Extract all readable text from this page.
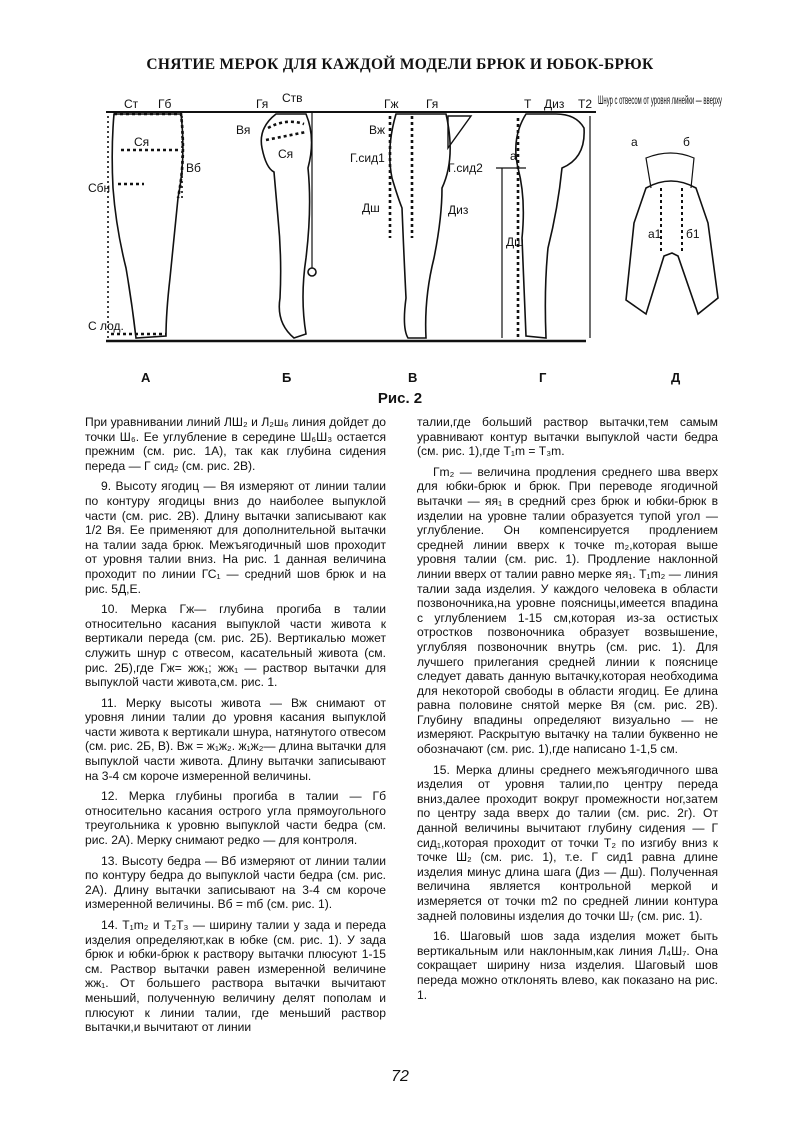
СНЯТИЕ МЕРОК ДЛЯ КАЖДОЙ МОДЕЛИ БРЮК И ЮБОК-БРЮК
Ст Гб
Ся
Вб
Сбн
С лод.
Гя Ств
Вя
Ся
Гж Гя
Вж
Г.сид1
Г.сид2
Дш	Диз
Т Диз Т2
а
Дш
а	б
а1 б1
Шнур с отвесом от уровня линейки — вверху
А	Б	В	Г	Д
Рис. 2

При уравнивании линий ЛШ₂ и Л₂ш₆ линия дойдет до точки Ш₆. Ее углубление в середине Ш₆Ш₃ остается прежним (см. рис. 1А), так как глубина сидения переда — Г сид₂ (см. рис. 2В).

9. Высоту ягодиц — Вя измеряют от линии талии по контуру ягодицы вниз до наиболее выпуклой части (см. рис. 2В). Длину вытачки записывают как 1/2 Вя. Ее применяют для дополнительной вытачки на талии зада брюк. Межъягодичный шов проходит от уровня талии вниз. На рис. 1 данная величина проходит по линии ГС₁ — средний шов брюк и на рис. 5Д,Е.

10. Мерка Гж— глубина прогиба в талии относительно касания выпуклой части живота к вертикали переда (см. рис. 2Б). Вертикалью может служить шнур с отвесом, касательный живота (см. рис. 2Б),где Гж= жж₁; жж₁ — раствор вытачки для выпуклой части живота,см. рис. 1.

11. Мерку высоты живота — Вж снимают от уровня линии талии до уровня касания выпуклой части живота к вертикали шнура, натянутого отвесом (см. рис. 2Б, В). Вж = ж₁ж₂. ж₁ж₂— длина вытачки для выпуклой части живота. Длину вытачки записывают на 3-4 см короче измеренной величины.

12. Мерка глубины прогиба в талии — Гб относительно касания острого угла прямоугольного треугольника к уровню выпуклой части бедра (см. рис. 2А). Мерку снимают редко — для контроля.

13. Высоту бедра — Вб измеряют от линии талии по контуру бедра до выпуклой части бедра (см. рис. 2А). Длину вытачки записывают на 3-4 см короче измеренной величины. Вб = mб (см. рис. 1).

14. Т₁m₂ и Т₂Т₃ — ширину талии у зада и переда изделия определяют,как в юбке (см. рис. 1). У зада брюк и юбки-брюк к раствору вытачки плюсуют 1-15 см. Раствор вытачки равен измеренной величине жж₁. От большего раствора вытачки вычитают меньший, полученную величину делят пополам и плюсуют к линии талии, где меньший раствор вытачки,и вычитают от линии

талии,где больший раствор вытачки,тем самым уравнивают контур вытачки выпуклой части бедра (см. рис. 1),где Т₁m = Т₃m.

Гm₂ — величина продления среднего шва вверх для юбки-брюк и брюк. При переводе ягодичной вытачки — яя₁ в средний срез брюк и юбки-брюк в изделии на уровне талии образуется тупой угол — углубление. Он компенсируется продлением средней линии вверх к точке m₂,которая выше уровня талии (см. рис. 1). Продление наклонной линии вверх от талии равно мерке яя₁. Т₁m₂ — линия талии зада изделия. У каждого человека в области позвоночника,на уровне поясницы,имеется впадина с углублением 1-15 см,которая из-за остистых отростков позвоночника образует возвышение, углубляя позвоночник внутрь (см. рис. 1). Для лучшего прилегания средней линии к пояснице следует давать данную вытачку,которая необходима для некоторой свободы в области ягодиц. Ее длина равна половине снятой мерке Вя (см. рис. 2В). Глубину впадины определяют визуально — не измеряют. Раскрытую вытачку на талии буквенно не обозначают (см. рис. 1),где написано 1-1,5 см.

15. Мерка длины среднего межъягодичного шва изделия от уровня талии,по центру переда вниз,далее проходит вокруг промежности ног,затем по центру зада вверх до талии (см. рис. 2г). От данной величины вычитают глубину сидения — Г сид₁,которая проходит от точки Т₂ по изгибу вниз к точке Ш₂ (см. рис. 1), т.е. Г сид1 равна длине изделия минус длина шага (Диз — Дш). Полученная величина является контрольной меркой и измеряется от точки m2 по средней линии контура задней половины изделия до точки Ш₇ (см. рис. 1).

16. Шаговый шов зада изделия может быть вертикальным или наклонным,как линия Л₄Ш₇. Она сокращает ширину низа изделия. Шаговый шов переда можно отклонять влево, как показано на рис. 1.

72
